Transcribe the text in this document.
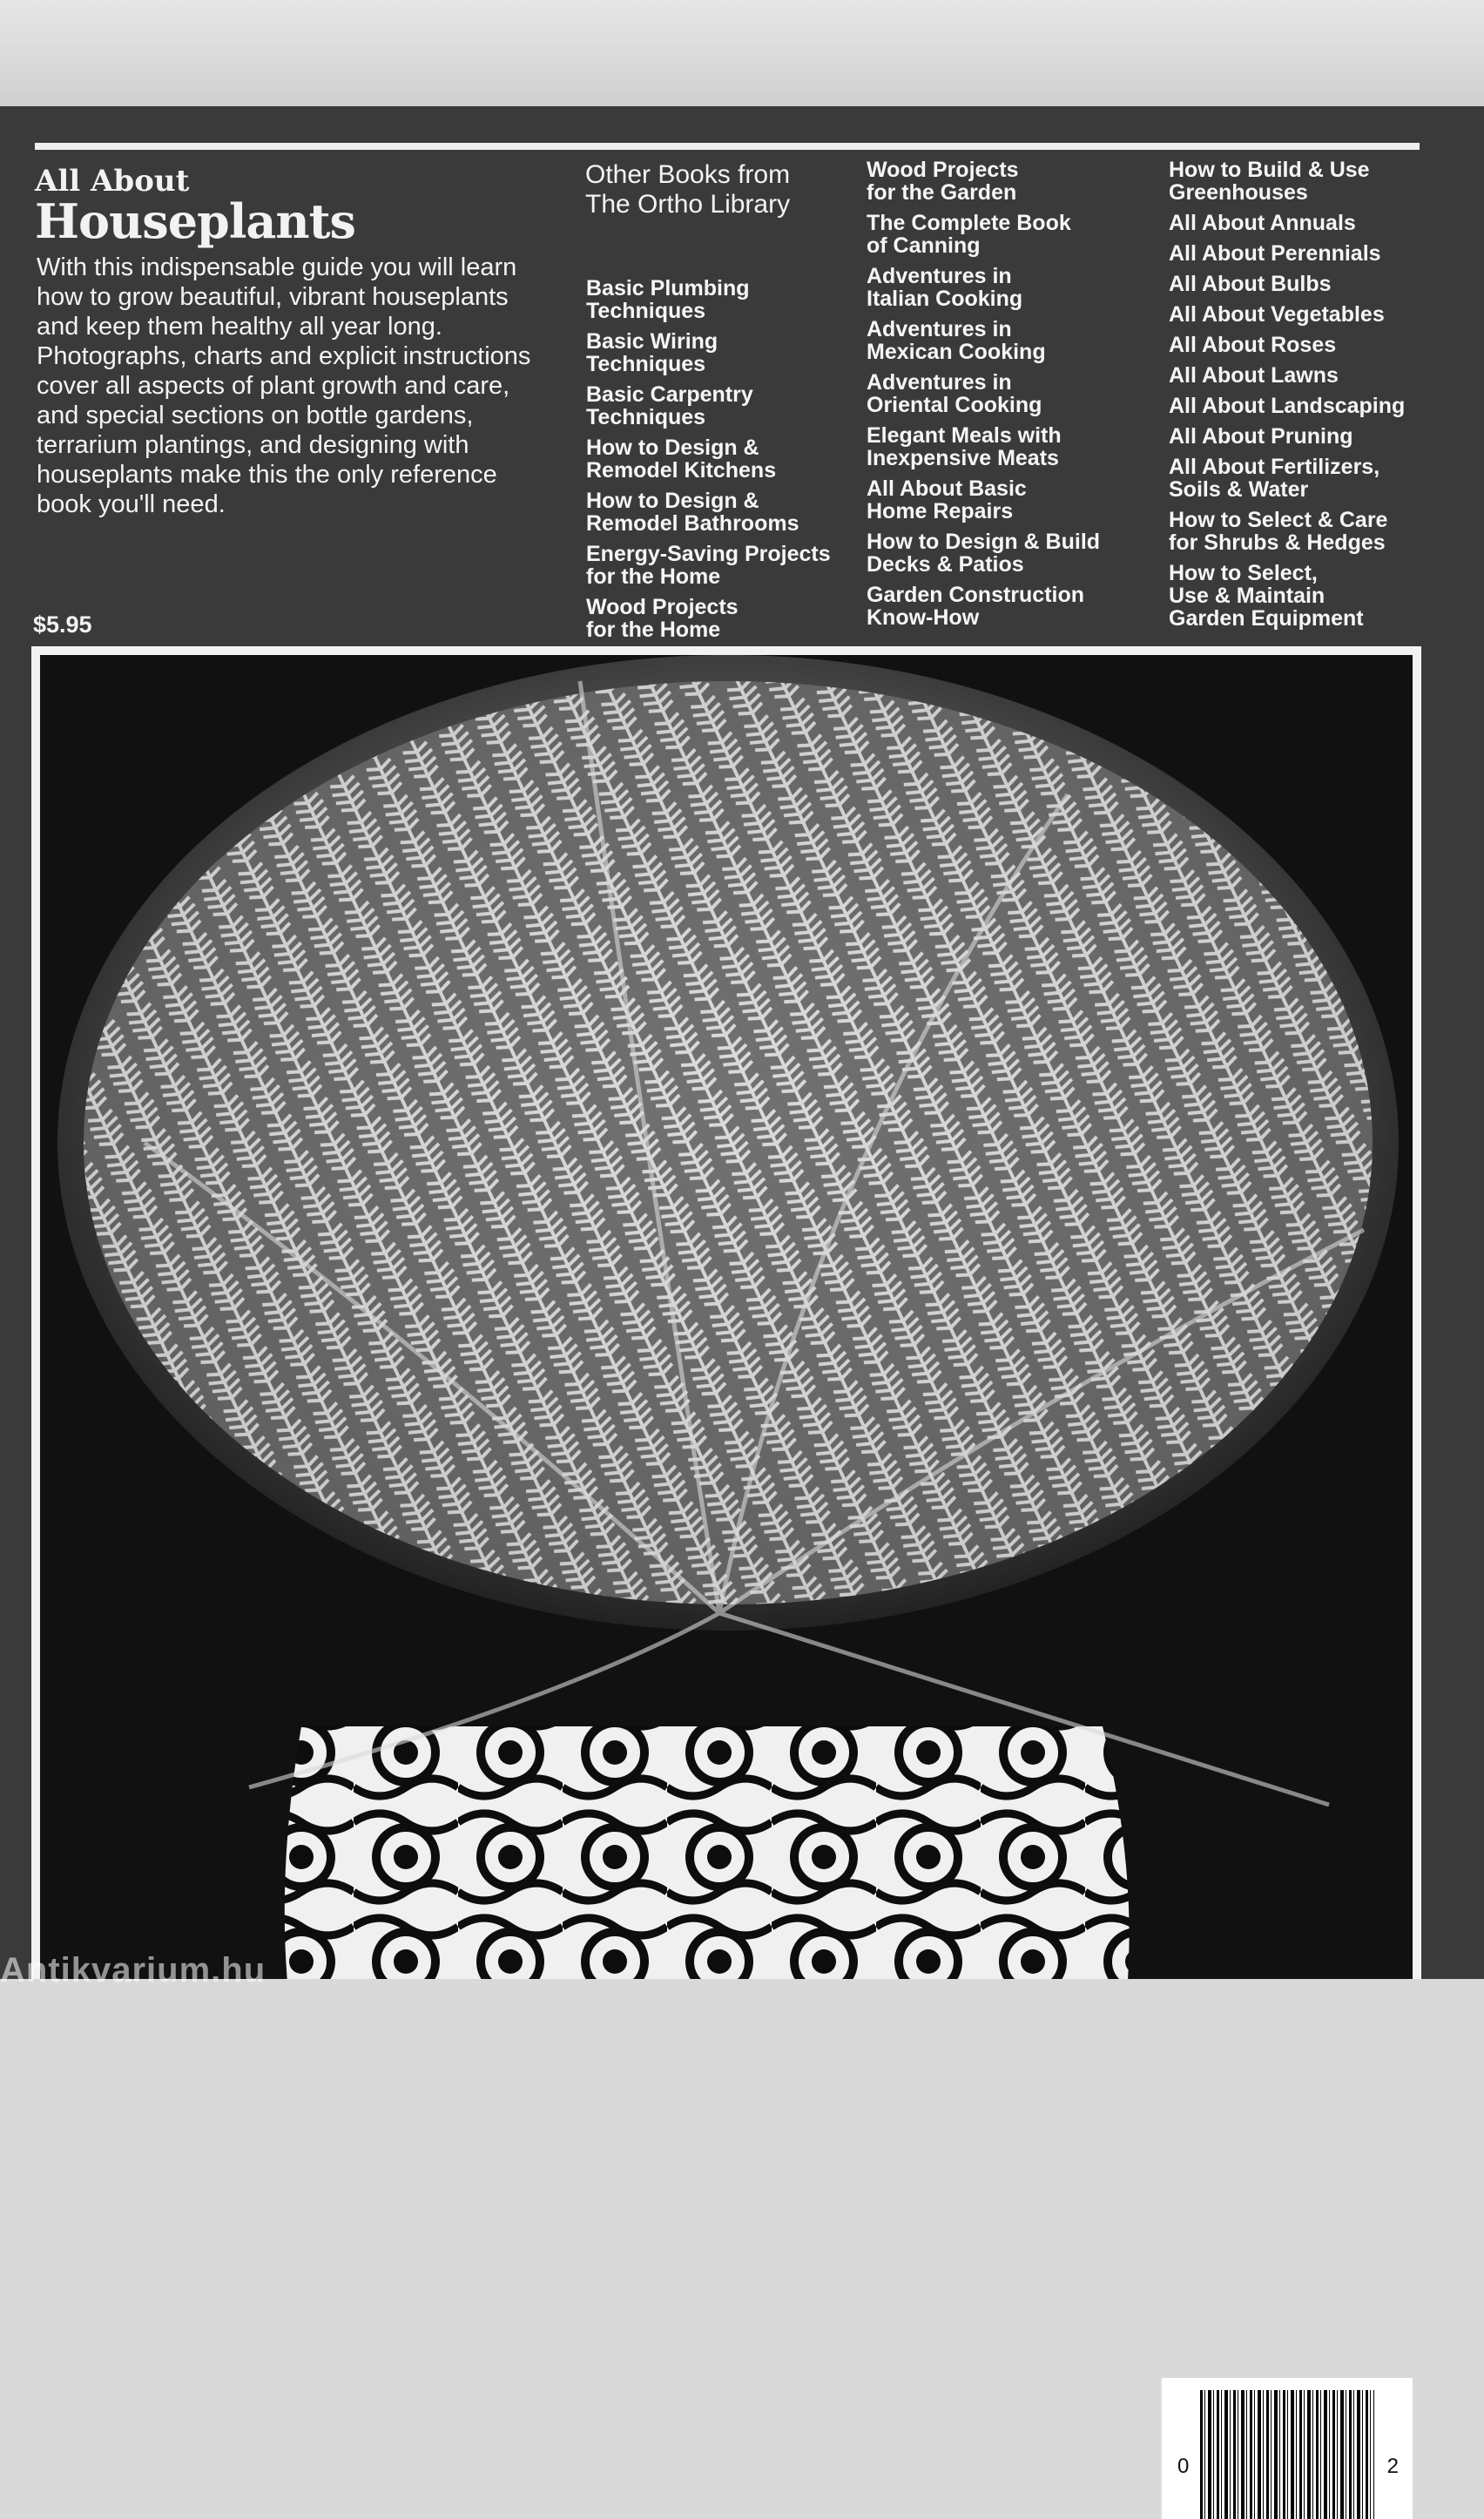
All About
Houseplants
With this indispensable guide you will learn how to grow beautiful, vibrant houseplants and keep them healthy all year long. Photographs, charts and explicit instructions cover all aspects of plant growth and care, and special sections on bottle gardens, terrarium plantings, and designing with houseplants make this the only reference book you'll need.
$5.95
Other Books from
The Ortho Library
Basic Plumbing
Techniques
Basic Wiring
Techniques
Basic Carpentry
Techniques
How to Design &
Remodel Kitchens
How to Design &
Remodel Bathrooms
Energy-Saving Projects
for the Home
Wood Projects
for the Home
Wood Projects
for the Garden
The Complete Book
of Canning
Adventures in
Italian Cooking
Adventures in
Mexican Cooking
Adventures in
Oriental Cooking
Elegant Meals with
Inexpensive Meats
All About Basic
Home Repairs
How to Design & Build
Decks & Patios
Garden Construction
Know-How
How to Build & Use
Greenhouses
All About Annuals
All About Perennials
All About Bulbs
All About Vegetables
All About Roses
All About Lawns
All About Landscaping
All About Pruning
All About Fertilizers,
Soils & Water
How to Select & Care
for Shrubs & Hedges
How to Select,
Use & Maintain
Garden Equipment
0	2
Antikvarium.hu
